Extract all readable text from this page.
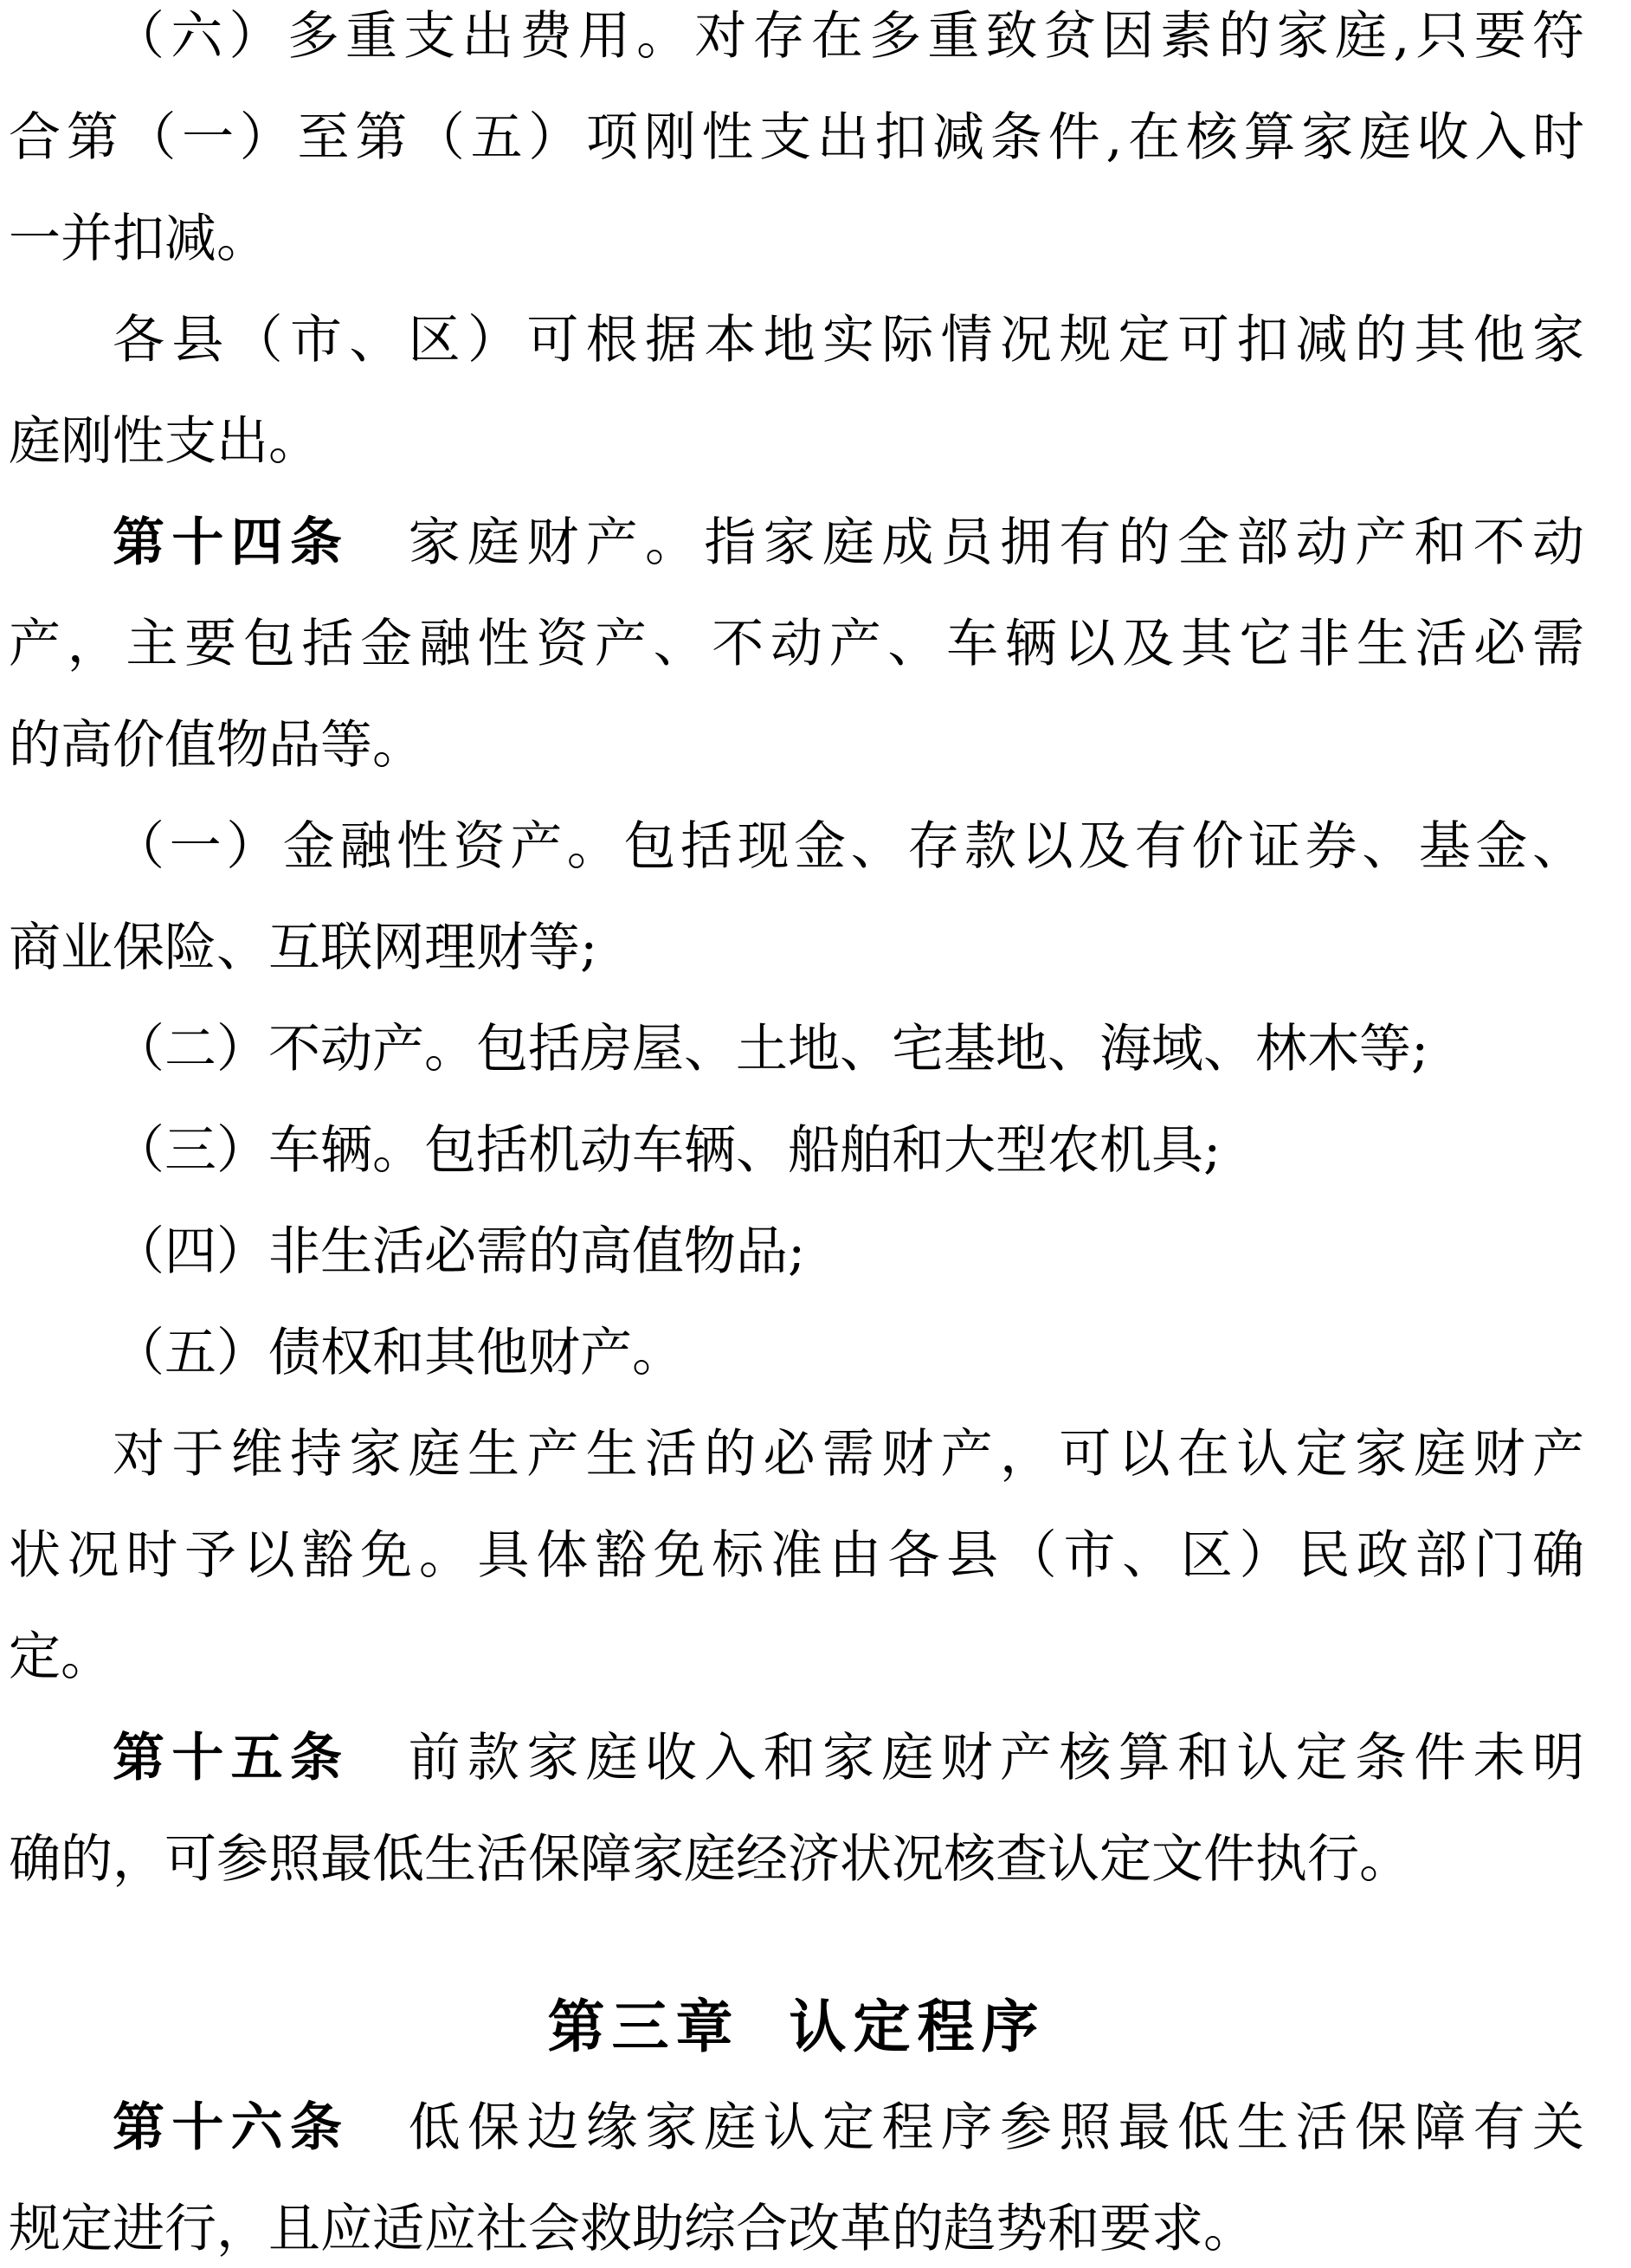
（六）多重支出费用。对存在多重致贫因素的家庭,只要符
合第（一）至第（五）项刚性支出扣减条件,在核算家庭收入时
一并扣减。
各县（市、区）可根据本地实际情况规定可扣减的其他家
庭刚性支出。
第十四条　家庭财产。指家庭成员拥有的全部动产和不动
产，主要包括金融性资产、不动产、车辆以及其它非生活必需
的高价值物品等。
（一）金融性资产。包括现金、存款以及有价证券、基金、
商业保险、互联网理财等;
（二）不动产。包括房屋、土地、宅基地、海域、林木等;
（三）车辆。包括机动车辆、船舶和大型农机具;
（四）非生活必需的高值物品;
（五）债权和其他财产。
对于维持家庭生产生活的必需财产，可以在认定家庭财产
状况时予以豁免。具体豁免标准由各县（市、区）民政部门确
定。
第十五条　前款家庭收入和家庭财产核算和认定条件未明
确的，可参照最低生活保障家庭经济状况核查认定文件执行。
第三章 认定程序
第十六条　低保边缘家庭认定程序参照最低生活保障有关
规定进行，且应适应社会救助综合改革的趋势和要求。
